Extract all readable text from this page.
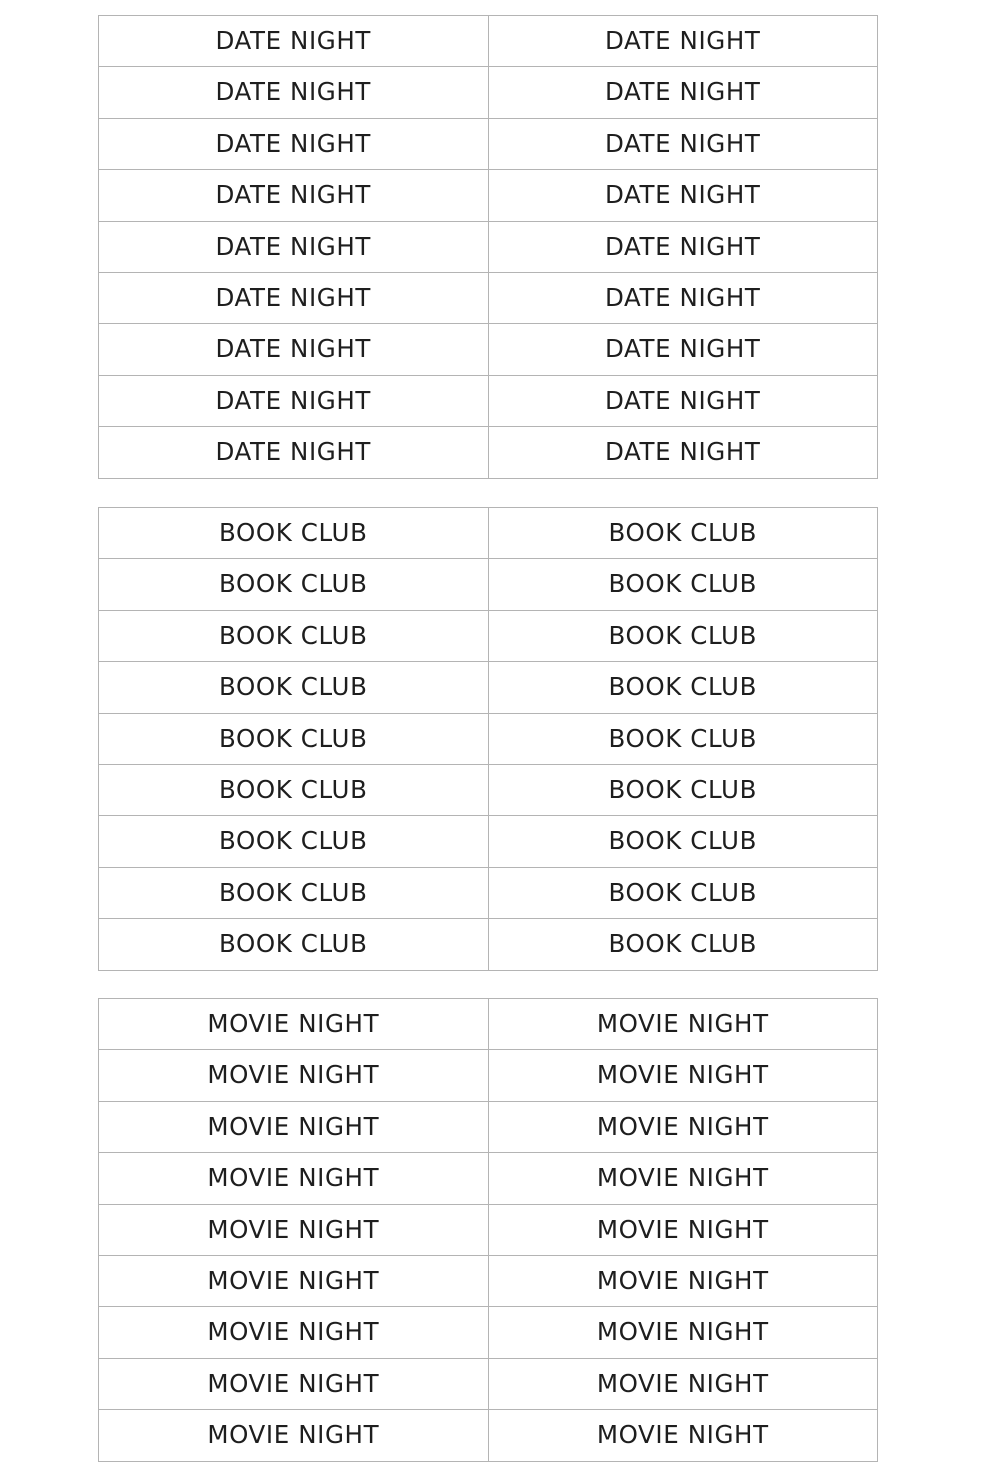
DATE NIGHT	DATE NIGHT
DATE NIGHT	DATE NIGHT
DATE NIGHT	DATE NIGHT
DATE NIGHT	DATE NIGHT
DATE NIGHT	DATE NIGHT
DATE NIGHT	DATE NIGHT
DATE NIGHT	DATE NIGHT
DATE NIGHT	DATE NIGHT
DATE NIGHT	DATE NIGHT
BOOK CLUB	BOOK CLUB
BOOK CLUB	BOOK CLUB
BOOK CLUB	BOOK CLUB
BOOK CLUB	BOOK CLUB
BOOK CLUB	BOOK CLUB
BOOK CLUB	BOOK CLUB
BOOK CLUB	BOOK CLUB
BOOK CLUB	BOOK CLUB
BOOK CLUB	BOOK CLUB
MOVIE NIGHT	MOVIE NIGHT
MOVIE NIGHT	MOVIE NIGHT
MOVIE NIGHT	MOVIE NIGHT
MOVIE NIGHT	MOVIE NIGHT
MOVIE NIGHT	MOVIE NIGHT
MOVIE NIGHT	MOVIE NIGHT
MOVIE NIGHT	MOVIE NIGHT
MOVIE NIGHT	MOVIE NIGHT
MOVIE NIGHT	MOVIE NIGHT
